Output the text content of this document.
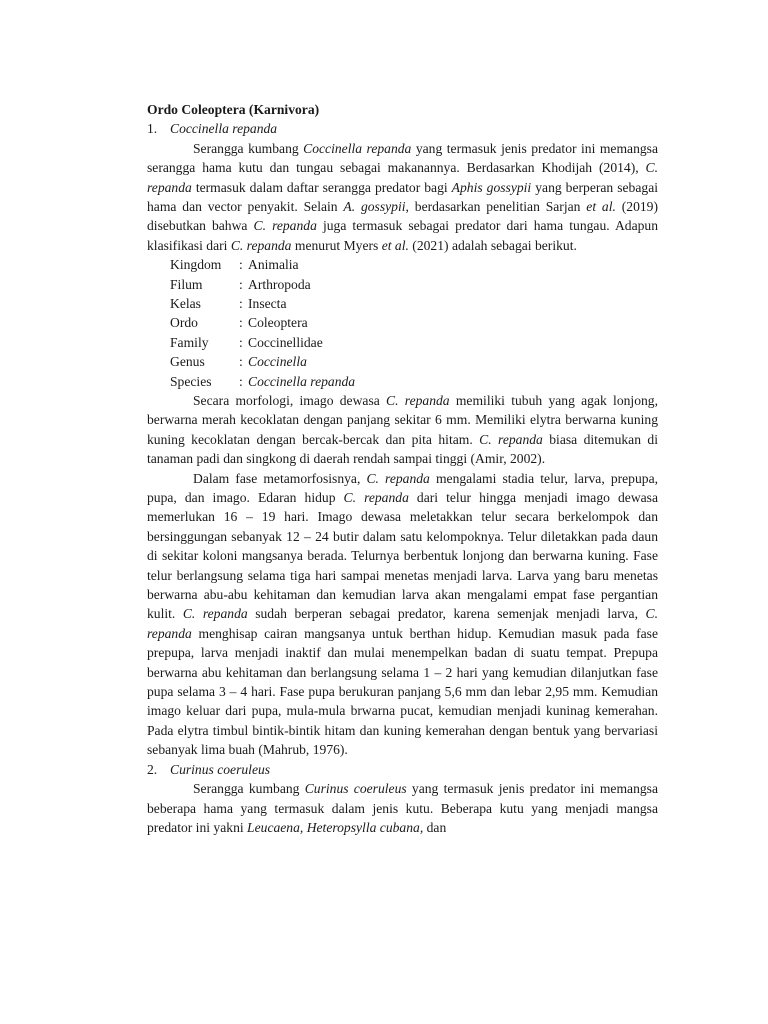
Ordo Coleoptera (Karnivora)

1. Coccinella repanda

Serangga kumbang Coccinella repanda yang termasuk jenis predator ini memangsa serangga hama kutu dan tungau sebagai makanannya. Berdasarkan Khodijah (2014), C. repanda termasuk dalam daftar serangga predator bagi Aphis gossypii yang berperan sebagai hama dan vector penyakit. Selain A. gossypii, berdasarkan penelitian Sarjan et al. (2019) disebutkan bahwa C. repanda juga termasuk sebagai predator dari hama tungau. Adapun klasifikasi dari C. repanda menurut Myers et al. (2021) adalah sebagai berikut.

Kingdom	: Animalia
Filum	: Arthropoda
Kelas	: Insecta
Ordo	: Coleoptera
Family	: Coccinellidae
Genus	: Coccinella
Species	: Coccinella repanda

Secara morfologi, imago dewasa C. repanda memiliki tubuh yang agak lonjong, berwarna merah kecoklatan dengan panjang sekitar 6 mm. Memiliki elytra berwarna kuning kuning kecoklatan dengan bercak-bercak dan pita hitam. C. repanda biasa ditemukan di tanaman padi dan singkong di daerah rendah sampai tinggi (Amir, 2002).

Dalam fase metamorfosisnya, C. repanda mengalami stadia telur, larva, prepupa, pupa, dan imago. Edaran hidup C. repanda dari telur hingga menjadi imago dewasa memerlukan 16 – 19 hari. Imago dewasa meletakkan telur secara berkelompok dan bersinggungan sebanyak 12 – 24 butir dalam satu kelompoknya. Telur diletakkan pada daun di sekitar koloni mangsanya berada. Telurnya berbentuk lonjong dan berwarna kuning. Fase telur berlangsung selama tiga hari sampai menetas menjadi larva. Larva yang baru menetas berwarna abu-abu kehitaman dan kemudian larva akan mengalami empat fase pergantian kulit. C. repanda sudah berperan sebagai predator, karena semenjak menjadi larva, C. repanda menghisap cairan mangsanya untuk berthan hidup. Kemudian masuk pada fase prepupa, larva menjadi inaktif dan mulai menempelkan badan di suatu tempat. Prepupa berwarna abu kehitaman dan berlangsung selama 1 – 2 hari yang kemudian dilanjutkan fase pupa selama 3 – 4 hari. Fase pupa berukuran panjang 5,6 mm dan lebar 2,95 mm. Kemudian imago keluar dari pupa, mula-mula brwarna pucat, kemudian menjadi kuninag kemerahan. Pada elytra timbul bintik-bintik hitam dan kuning kemerahan dengan bentuk yang bervariasi sebanyak lima buah (Mahrub, 1976).

2. Curinus coeruleus

Serangga kumbang Curinus coeruleus yang termasuk jenis predator ini memangsa beberapa hama yang termasuk dalam jenis kutu. Beberapa kutu yang menjadi mangsa predator ini yakni Leucaena, Heteropsylla cubana, dan
